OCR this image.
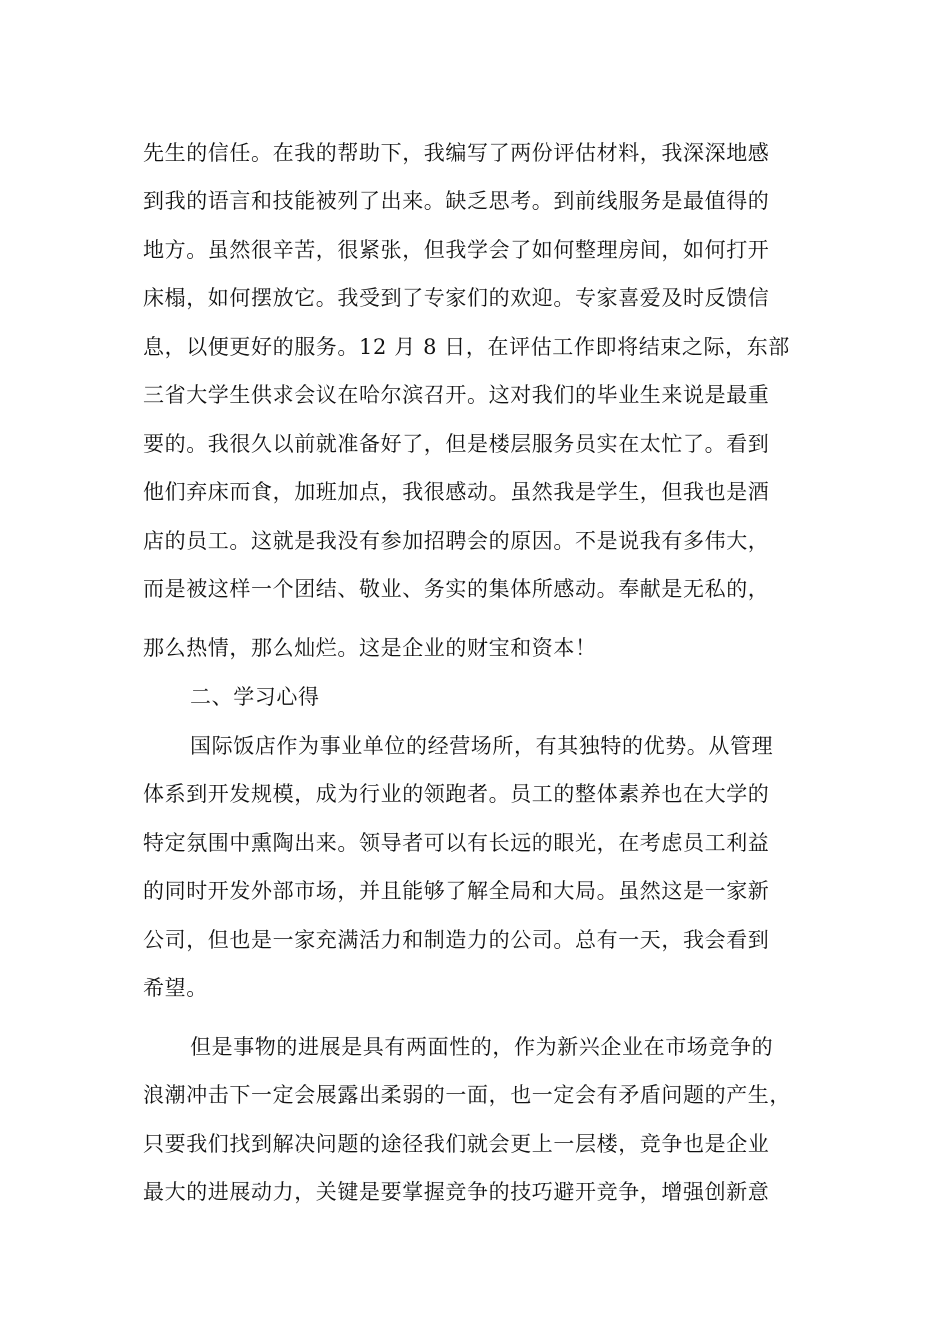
先生的信任。在我的帮助下，我编写了两份评估材料，我深深地感
到我的语言和技能被列了出来。缺乏思考。到前线服务是最值得的
地方。虽然很辛苦，很紧张，但我学会了如何整理房间，如何打开
床榻，如何摆放它。我受到了专家们的欢迎。专家喜爱及时反馈信
息，以便更好的服务。12 月 8 日，在评估工作即将结束之际，东部
三省大学生供求会议在哈尔滨召开。这对我们的毕业生来说是最重
要的。我很久以前就准备好了，但是楼层服务员实在太忙了。看到
他们弃床而食，加班加点，我很感动。虽然我是学生，但我也是酒
店的员工。这就是我没有参加招聘会的原因。不是说我有多伟大，
而是被这样一个团结、敬业、务实的集体所感动。奉献是无私的，
那么热情，那么灿烂。这是企业的财宝和资本！
二、学习心得
国际饭店作为事业单位的经营场所，有其独特的优势。从管理
体系到开发规模，成为行业的领跑者。员工的整体素养也在大学的
特定氛围中熏陶出来。领导者可以有长远的眼光，在考虑员工利益
的同时开发外部市场，并且能够了解全局和大局。虽然这是一家新
公司，但也是一家充满活力和制造力的公司。总有一天，我会看到
希望。
但是事物的进展是具有两面性的，作为新兴企业在市场竞争的
浪潮冲击下一定会展露出柔弱的一面，也一定会有矛盾问题的产生，
只要我们找到解决问题的途径我们就会更上一层楼，竞争也是企业
最大的进展动力，关键是要掌握竞争的技巧避开竞争，增强创新意
